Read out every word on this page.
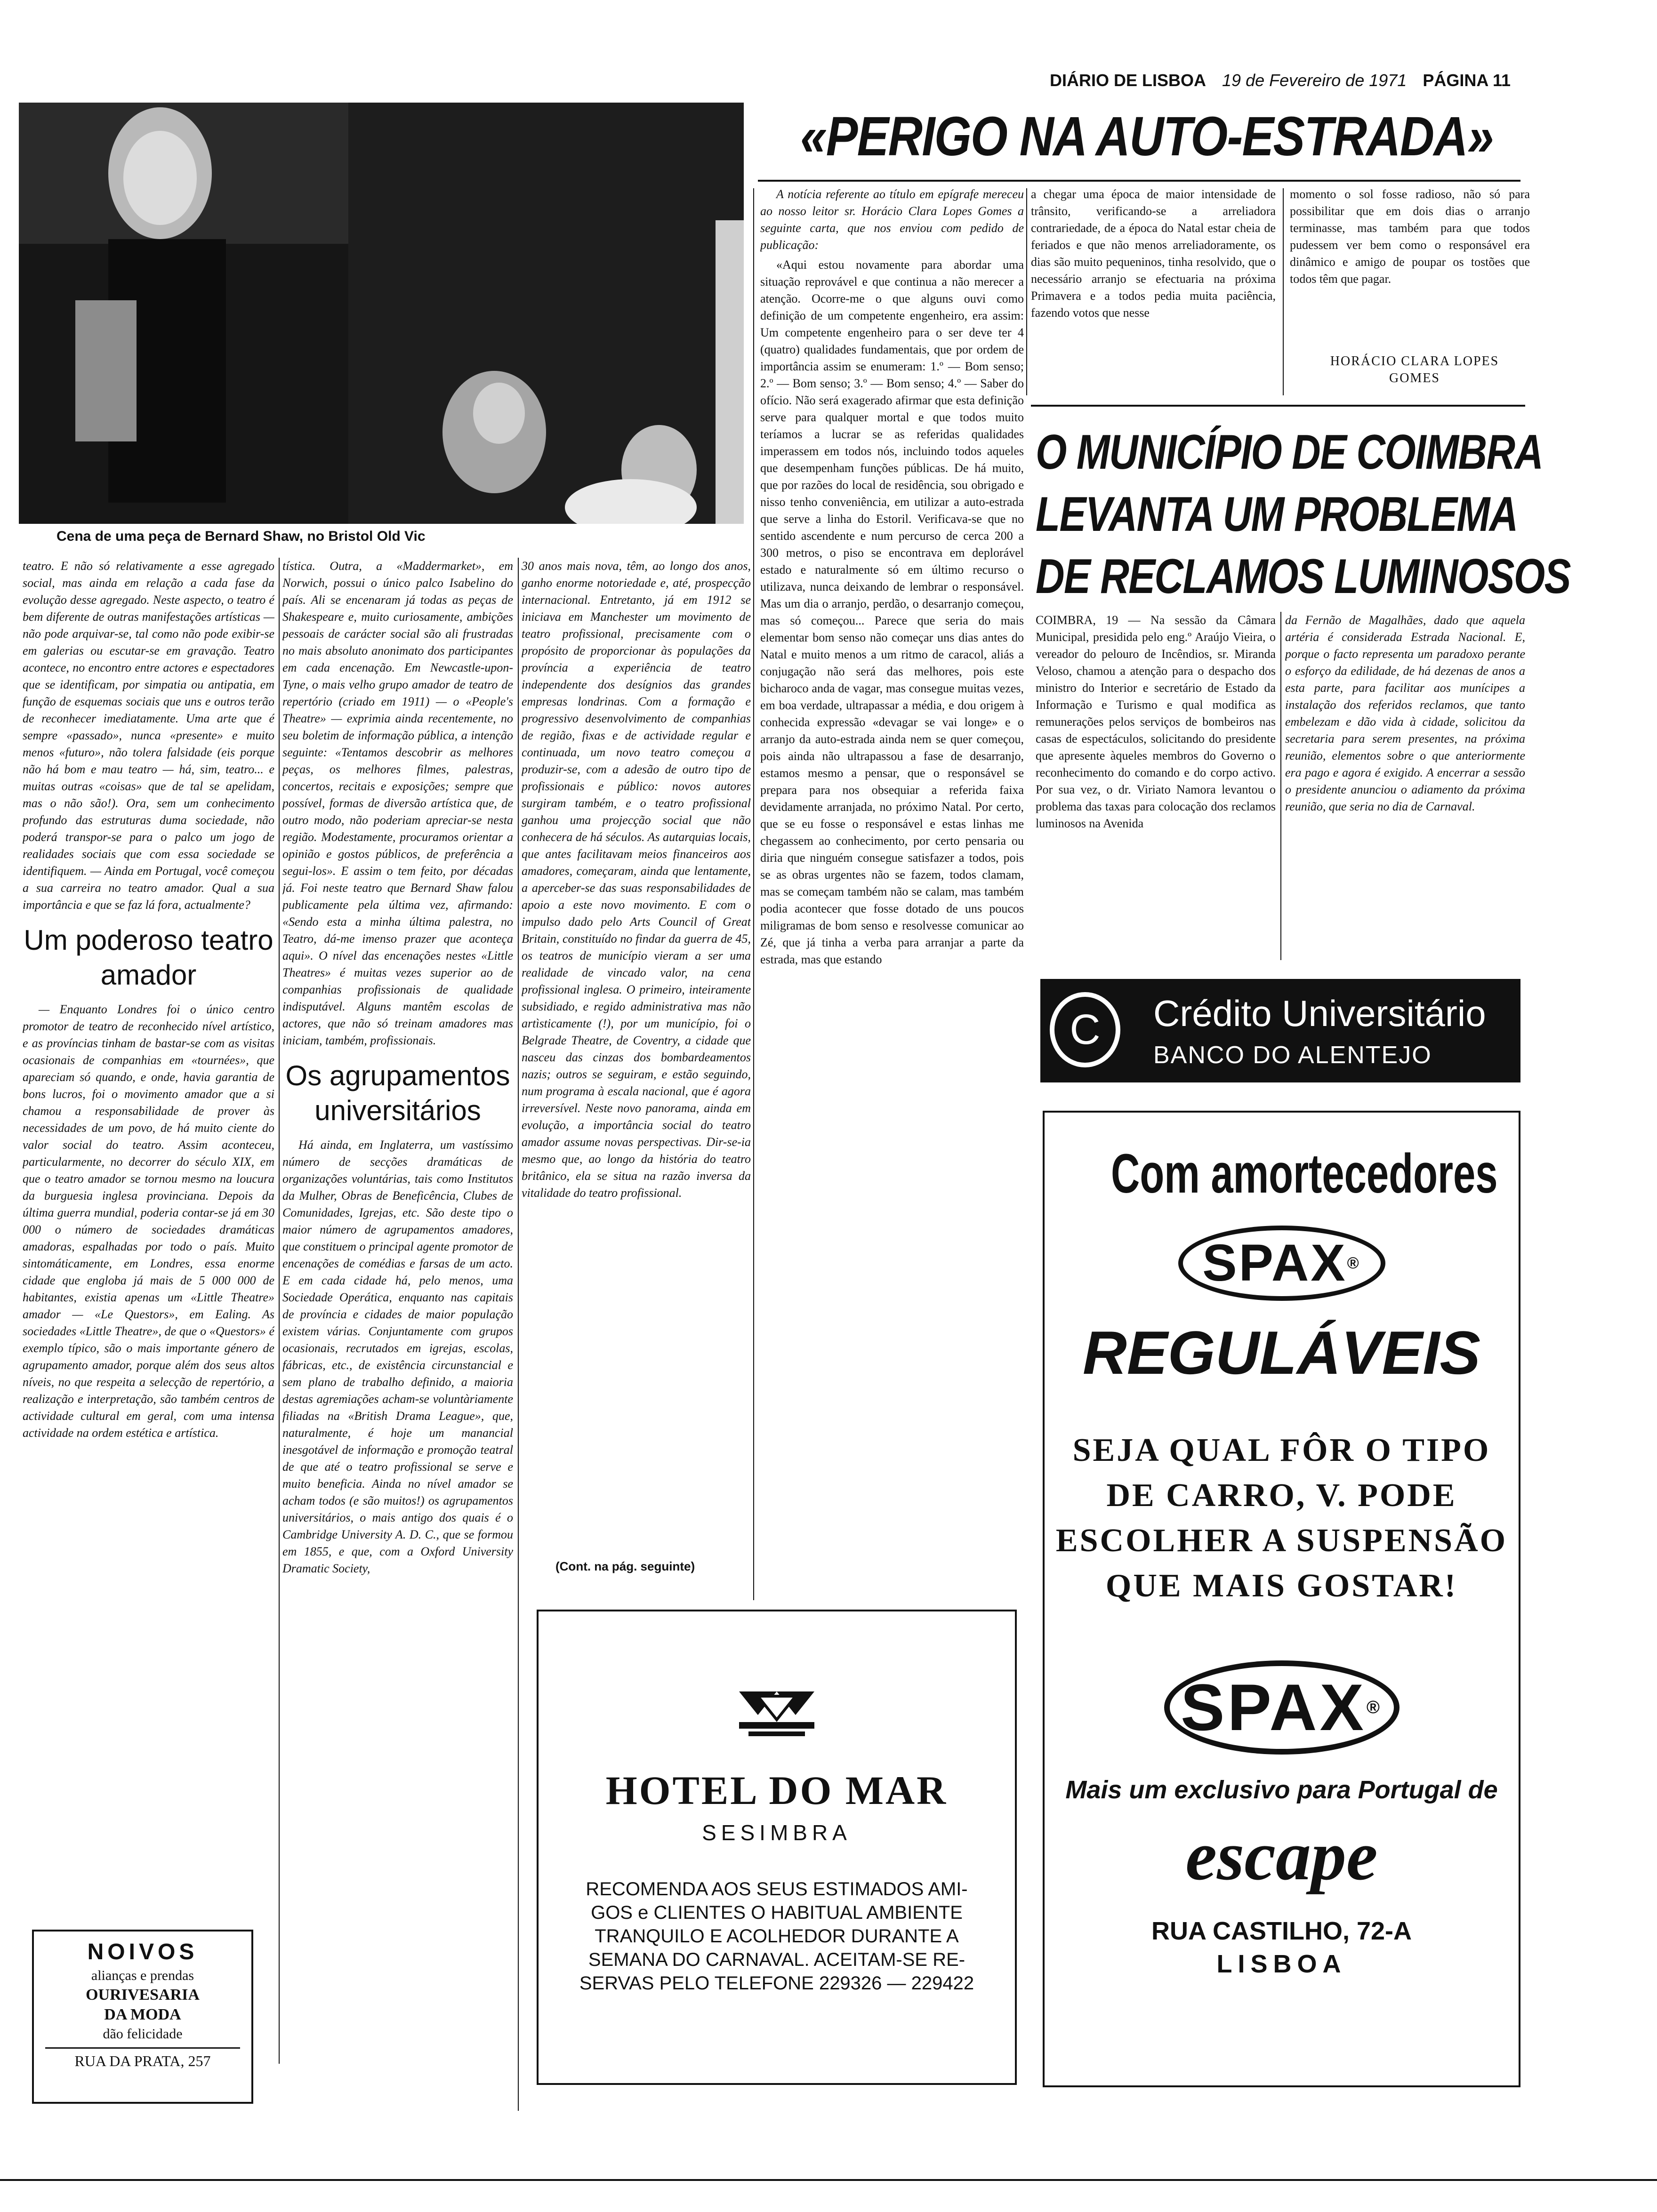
DIÁRIO DE LISBOA 19 de Fevereiro de 1971 PÁGINA 11
Cena de uma peça de Bernard Shaw, no Bristol Old Vic

teatro. E não só relativamente a esse agregado social, mas ainda em relação a cada fase da evolução desse agregado. Neste aspecto, o teatro é bem diferente de outras manifestações artísticas — não pode arquivar-se, tal como não pode exibir-se em galerias ou escutar-se em gravação. Teatro acontece, no encontro entre actores e espectadores que se identificam, por simpatia ou antipatia, em função de esquemas sociais que uns e outros terão de reconhecer imediatamente. Uma arte que é sempre «passado», nunca «presente» e muito menos «futuro», não tolera falsidade (eis porque não há bom e mau teatro — há, sim, teatro... e muitas outras «coisas» que de tal se apelidam, mas o não são!). Ora, sem um conhecimento profundo das estruturas duma sociedade, não poderá transpor-se para o palco um jogo de realidades sociais que com essa sociedade se identifiquem. — Ainda em Portugal, você começou a sua carreira no teatro amador. Qual a sua importância e que se faz lá fora, actualmente?

Um poderoso teatro amador

— Enquanto Londres foi o único centro promotor de teatro de reconhecido nível artístico, e as províncias tinham de bastar-se com as visitas ocasionais de companhias em «tournées», que apareciam só quando, e onde, havia garantia de bons lucros, foi o movimento amador que a si chamou a responsabilidade de prover às necessidades de um povo, de há muito ciente do valor social do teatro. Assim aconteceu, particularmente, no decorrer do século XIX, em que o teatro amador se tornou mesmo na loucura da burguesia inglesa provinciana. Depois da última guerra mundial, poderia contar-se já em 30 000 o número de sociedades dramáticas amadoras, espalhadas por todo o país. Muito sintomáticamente, em Londres, essa enorme cidade que engloba já mais de 5 000 000 de habitantes, existia apenas um «Little Theatre» amador — «Le Questors», em Ealing. As sociedades «Little Theatre», de que o «Questors» é exemplo típico, são o mais importante género de agrupamento amador, porque além dos seus altos níveis, no que respeita a selecção de repertório, a realização e interpretação, são também centros de actividade cultural em geral, com uma intensa actividade na ordem estética e artística.

tística. Outra, a «Maddermarket», em Norwich, possui o único palco Isabelino do país. Ali se encenaram já todas as peças de Shakespeare e, muito curiosamente, ambições pessoais de carácter social são ali frustradas no mais absoluto anonimato dos participantes em cada encenação. Em Newcastle-upon-Tyne, o mais velho grupo amador de teatro de repertório (criado em 1911) — o «People's Theatre» — exprimia ainda recentemente, no seu boletim de informação pública, a intenção seguinte: «Tentamos descobrir as melhores peças, os melhores filmes, palestras, concertos, recitais e exposições; sempre que possível, formas de diversão artística que, de outro modo, não poderiam apreciar-se nesta região. Modestamente, procuramos orientar a opinião e gostos públicos, de preferência a segui-los». E assim o tem feito, por décadas já. Foi neste teatro que Bernard Shaw falou publicamente pela última vez, afirmando: «Sendo esta a minha última palestra, no Teatro, dá-me imenso prazer que aconteça aqui». O nível das encenações nestes «Little Theatres» é muitas vezes superior ao de companhias profissionais de qualidade indisputável. Alguns mantêm escolas de actores, que não só treinam amadores mas iniciam, também, profissionais.

Os agrupamentos universitários

Há ainda, em Inglaterra, um vastíssimo número de secções dramáticas de organizações voluntárias, tais como Institutos da Mulher, Obras de Beneficência, Clubes de Comunidades, Igrejas, etc. São deste tipo o maior número de agrupamentos amadores, que constituem o principal agente promotor de encenações de comédias e farsas de um acto. E em cada cidade há, pelo menos, uma Sociedade Operática, enquanto nas capitais de província e cidades de maior população existem várias. Conjuntamente com grupos ocasionais, recrutados em igrejas, escolas, fábricas, etc., de existência circunstancial e sem plano de trabalho definido, a maioria destas agremiações acham-se voluntàriamente filiadas na «British Drama League», que, naturalmente, é hoje um manancial inesgotável de informação e promoção teatral de que até o teatro profissional se serve e muito beneficia. Ainda no nível amador se acham todos (e são muitos!) os agrupamentos universitários, o mais antigo dos quais é o Cambridge University A. D. C., que se formou em 1855, e que, com a Oxford University Dramatic Society,

30 anos mais nova, têm, ao longo dos anos, ganho enorme notoriedade e, até, prospecção internacional. Entretanto, já em 1912 se iniciava em Manchester um movimento de teatro profissional, precisamente com o propósito de proporcionar às populações da província a experiência de teatro independente dos desígnios das grandes empresas londrinas. Com a formação e progressivo desenvolvimento de companhias de região, fixas e de actividade regular e continuada, um novo teatro começou a produzir-se, com a adesão de outro tipo de profissionais e público: novos autores surgiram também, e o teatro profissional ganhou uma projecção social que não conhecera de há séculos. As autarquias locais, que antes facilitavam meios financeiros aos amadores, começaram, ainda que lentamente, a aperceber-se das suas responsabilidades de apoio a este novo movimento. E com o impulso dado pelo Arts Council of Great Britain, constituído no findar da guerra de 45, os teatros de município vieram a ser uma realidade de vincado valor, na cena profissional inglesa. O primeiro, inteiramente subsidiado, e regido administrativa mas não artìsticamente (!), por um município, foi o Belgrade Theatre, de Coventry, a cidade que nasceu das cinzas dos bombardeamentos nazis; outros se seguiram, e estão seguindo, num programa à escala nacional, que é agora irreversível. Neste novo panorama, ainda em evolução, a importância social do teatro amador assume novas perspectivas. Dir-se-ia mesmo que, ao longo da história do teatro britânico, ela se situa na razão inversa da vitalidade do teatro profissional.

(Cont. na pág. seguinte)
NOIVOS
alianças e prendas
OURIVESARIA
DA MODA
dão felicidade
RUA DA PRATA, 257
HOTEL DO MAR
SESIMBRA
RECOMENDA AOS SEUS ESTIMADOS AMI-
GOS e CLIENTES O HABITUAL AMBIENTE
TRANQUILO E ACOLHEDOR DURANTE A
SEMANA DO CARNAVAL. ACEITAM-SE RE-
SERVAS PELO TELEFONE 229326 — 229422
«PERIGO NA AUTO-ESTRADA»

A notícia referente ao título em epígrafe mereceu ao nosso leitor sr. Horácio Clara Lopes Gomes a seguinte carta, que nos enviou com pedido de publicação:

«Aqui estou novamente para abordar uma situação reprovável e que continua a não merecer a atenção. Ocorre-me o que alguns ouvi como definição de um competente engenheiro, era assim: Um competente engenheiro para o ser deve ter 4 (quatro) qualidades fundamentais, que por ordem de importância assim se enumeram: 1.º — Bom senso; 2.º — Bom senso; 3.º — Bom senso; 4.º — Saber do ofício. Não será exagerado afirmar que esta definição serve para qualquer mortal e que todos muito teríamos a lucrar se as referidas qualidades imperassem em todos nós, incluindo todos aqueles que desempenham funções públicas. De há muito, que por razões do local de residência, sou obrigado e nisso tenho conveniência, em utilizar a auto-estrada que serve a linha do Estoril. Verificava-se que no sentido ascendente e num percurso de cerca 200 a 300 metros, o piso se encontrava em deplorável estado e naturalmente só em último recurso o utilizava, nunca deixando de lembrar o responsável. Mas um dia o arranjo, perdão, o desarranjo começou, mas só começou... Parece que seria do mais elementar bom senso não começar uns dias antes do Natal e muito menos a um ritmo de caracol, aliás a conjugação não será das melhores, pois este bicharoco anda de vagar, mas consegue muitas vezes, em boa verdade, ultrapassar a média, e dou origem à conhecida expressão «devagar se vai longe» e o arranjo da auto-estrada ainda nem se quer começou, pois ainda não ultrapassou a fase de desarranjo, estamos mesmo a pensar, que o responsável se prepara para nos obsequiar a referida faixa devidamente arranjada, no próximo Natal. Por certo, que se eu fosse o responsável e estas linhas me chegassem ao conhecimento, por certo pensaria ou diria que ninguém consegue satisfazer a todos, pois se as obras urgentes não se fazem, todos clamam, mas se começam também não se calam, mas também podia acontecer que fosse dotado de uns poucos miligramas de bom senso e resolvesse comunicar ao Zé, que já tinha a verba para arranjar a parte da estrada, mas que estando

a chegar uma época de maior intensidade de trânsito, verificando-se a arreliadora contrariedade, de a época do Natal estar cheia de feriados e que não menos arreliadoramente, os dias são muito pequeninos, tinha resolvido, que o necessário arranjo se efectuaria na próxima Primavera e a todos pedia muita paciência, fazendo votos que nesse

momento o sol fosse radioso, não só para possibilitar que em dois dias o arranjo terminasse, mas também para que todos pudessem ver bem como o responsável era dinâmico e amigo de poupar os tostões que todos têm que pagar.

HORÁCIO CLARA LOPES GOMES
O MUNICÍPIO DE COIMBRA
LEVANTA UM PROBLEMA
DE RECLAMOS LUMINOSOS

COIMBRA, 19 — Na sessão da Câmara Municipal, presidida pelo eng.º Araújo Vieira, o vereador do pelouro de Incêndios, sr. Miranda Veloso, chamou a atenção para o despacho dos ministro do Interior e secretário de Estado da Informação e Turismo e qual modifica as remunerações pelos serviços de bombeiros nas casas de espectáculos, solicitando do presidente que apresente àqueles membros do Governo o reconhecimento do comando e do corpo activo. Por sua vez, o dr. Viriato Namora levantou o problema das taxas para colocação dos reclamos luminosos na Avenida

da Fernão de Magalhães, dado que aquela artéria é considerada Estrada Nacional. E, porque o facto representa um paradoxo perante o esforço da edilidade, de há dezenas de anos a esta parte, para facilitar aos munícipes a instalação dos referidos reclamos, que tanto embelezam e dão vida à cidade, solicitou da secretaria para serem presentes, na próxima reunião, elementos sobre o que anteriormente era pago e agora é exigido. A encerrar a sessão o presidente anunciou o adiamento da próxima reunião, que seria no dia de Carnaval.

C	Crédito Universitário
BANCO DO ALENTEJO
Com amortecedores
SPAX®
REGULÁVEIS
SEJA QUAL FÔR O TIPO
DE CARRO, V. PODE
ESCOLHER A SUSPENSÃO
QUE MAIS GOSTAR!
SPAX®
Mais um exclusivo para Portugal de
escape
RUA CASTILHO, 72-A
LISBOA
